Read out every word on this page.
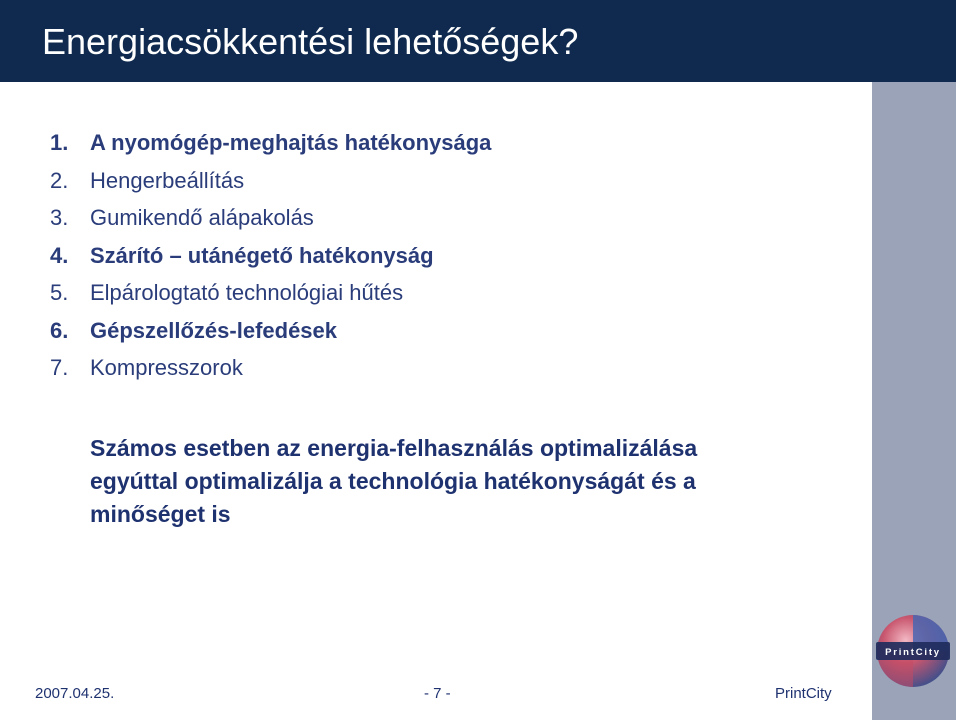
Energiacsökkentési lehetőségek?
1. A nyomógép-meghajtás hatékonysága
2. Hengerbeállítás
3. Gumikendő alápakolás
4. Szárító – utánégető hatékonyság
5. Elpárologtató technológiai hűtés
6. Gépszellőzés-lefedések
7. Kompresszorok
Számos esetben az energia-felhasználás optimalizálása
egyúttal optimalizálja a technológia hatékonyságát és a
minőséget is
PrintCity
2007.04.25.	- 7 -	PrintCity
